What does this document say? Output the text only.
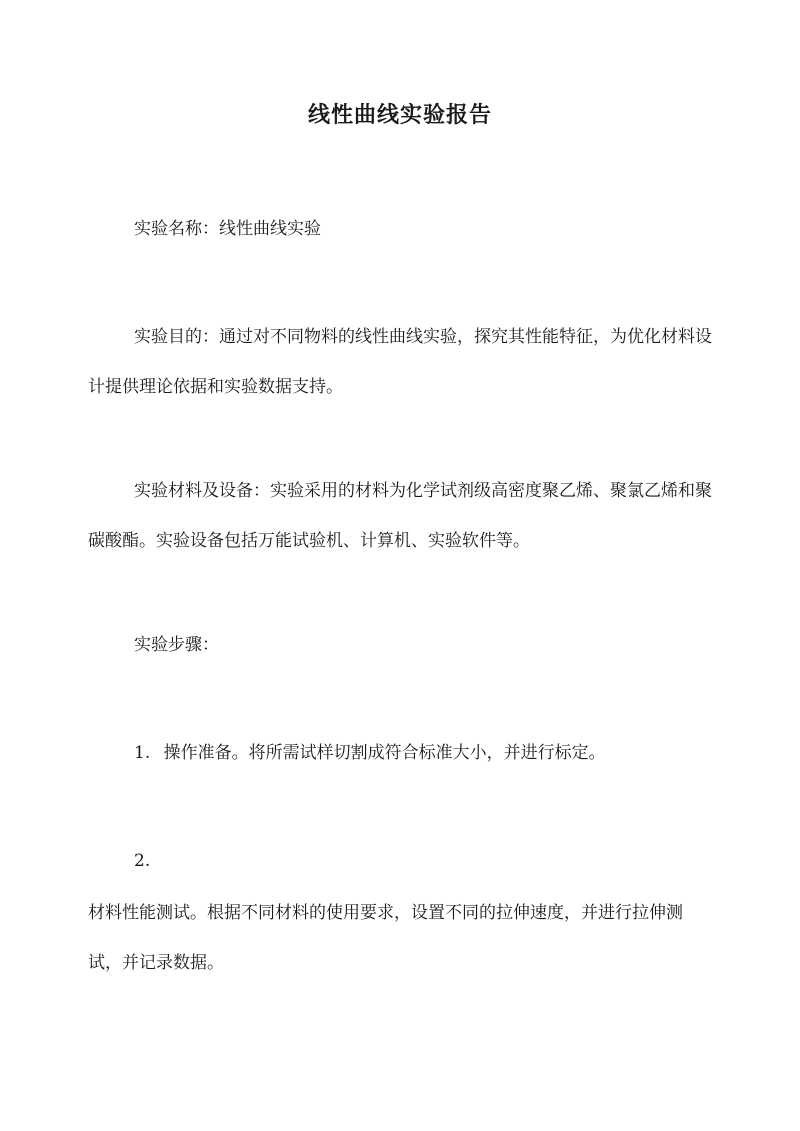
线性曲线实验报告

实验名称：线性曲线实验

实验目的：通过对不同物料的线性曲线实验，探究其性能特征，为优化材料设计提供理论依据和实验数据支持。

实验材料及设备：实验采用的材料为化学试剂级高密度聚乙烯、聚氯乙烯和聚碳酸酯。实验设备包括万能试验机、计算机、实验软件等。

实验步骤：

1. 操作准备。将所需试样切割成符合标准大小，并进行标定。
2.

材料性能测试。根据不同材料的使用要求，设置不同的拉伸速度，并进行拉伸测试，并记录数据。
